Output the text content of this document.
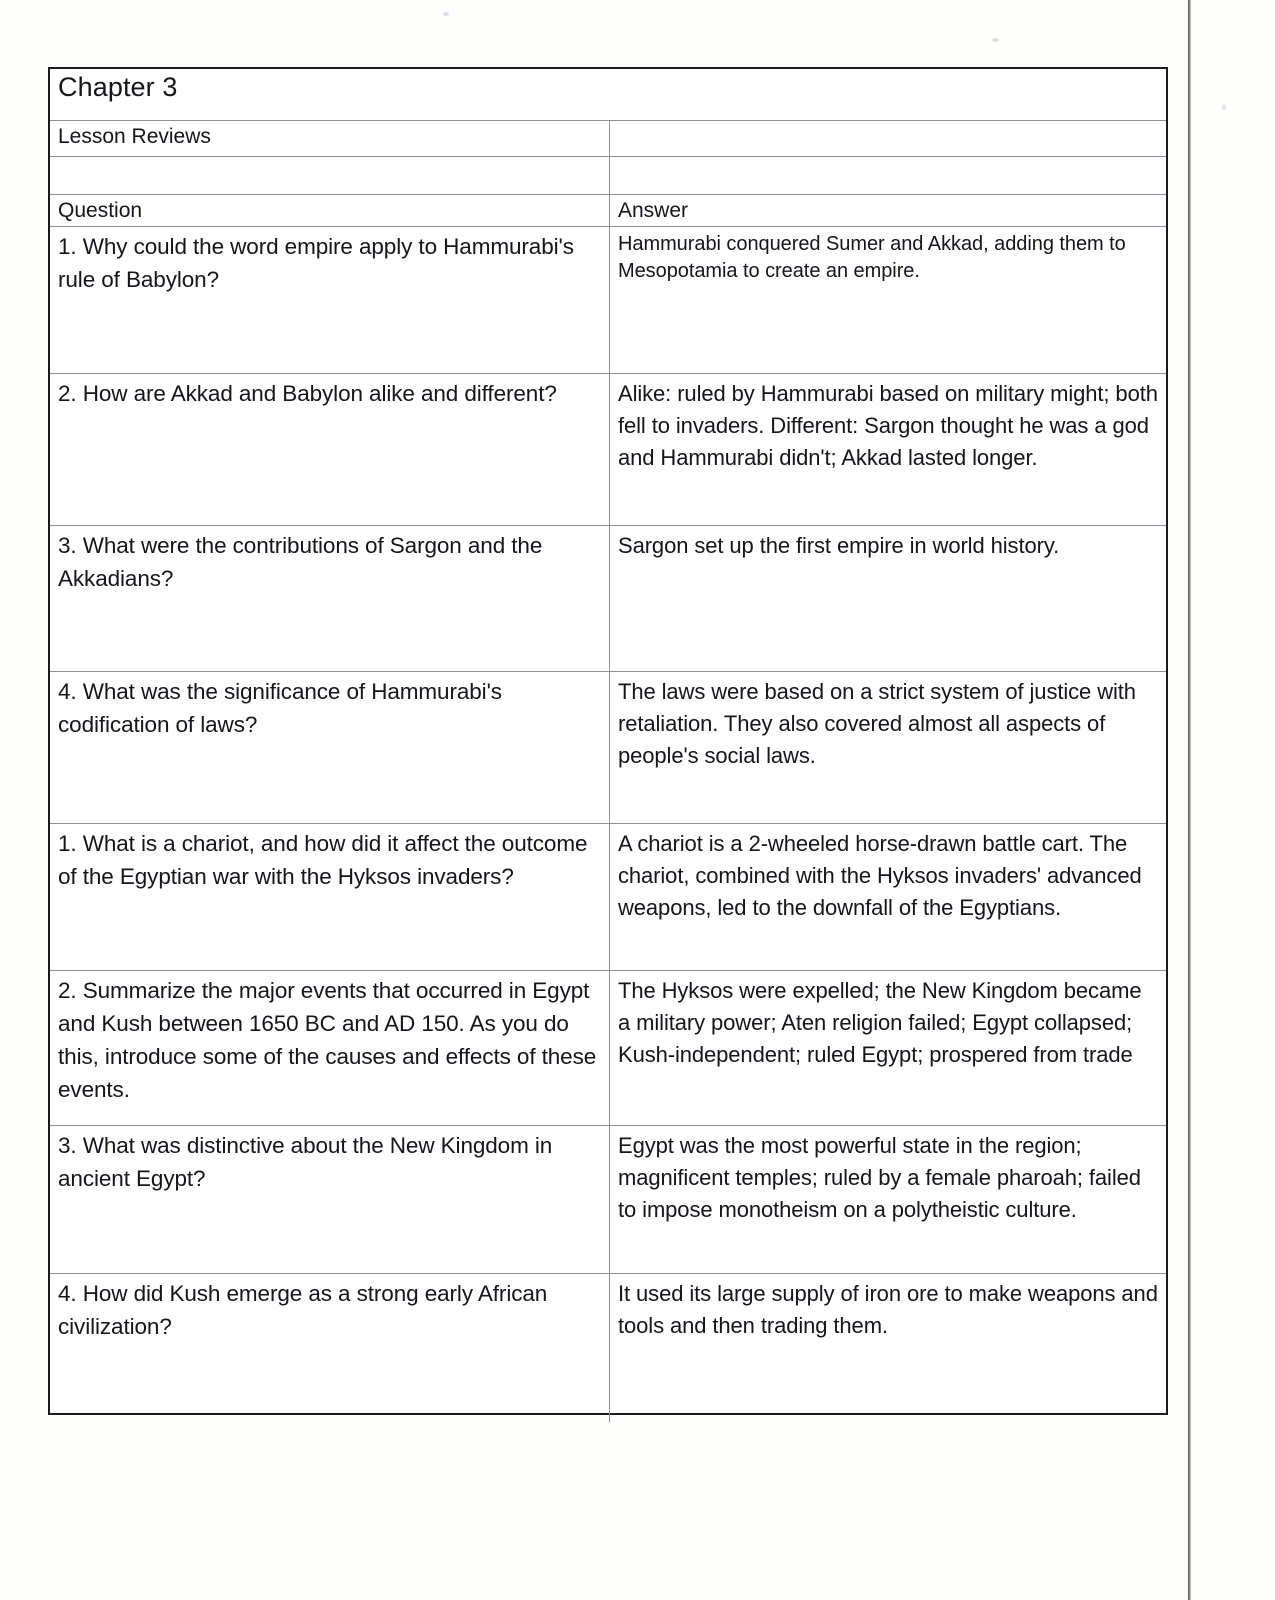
Chapter 3
Lesson Reviews
Question	Answer
1. Why could the word empire apply to Hammurabi's rule of Babylon?
Hammurabi conquered Sumer and Akkad, adding them to Mesopotamia to create an empire.
2. How are Akkad and Babylon alike and different?	Alike: ruled by Hammurabi based on military might; both fell to invaders. Different: Sargon thought he was a god and Hammurabi didn't; Akkad lasted longer.
3. What were the contributions of Sargon and the Akkadians?
Sargon set up the first empire in world history.
4. What was the significance of Hammurabi's codification of laws?
The laws were based on a strict system of justice with retaliation. They also covered almost all aspects of people's social laws.
1. What is a chariot, and how did it affect the outcome of the Egyptian war with the Hyksos invaders?
A chariot is a 2-wheeled horse-drawn battle cart. The chariot, combined with the Hyksos invaders' advanced weapons, led to the downfall of the Egyptians.
2. Summarize the major events that occurred in Egypt and Kush between 1650 BC and AD 150. As you do this, introduce some of the causes and effects of these events.
The Hyksos were expelled; the New Kingdom became a military power; Aten religion failed; Egypt collapsed; Kush-independent; ruled Egypt; prospered from trade
3. What was distinctive about the New Kingdom in ancient Egypt?
Egypt was the most powerful state in the region; magnificent temples; ruled by a female pharoah; failed to impose monotheism on a polytheistic culture.
4. How did Kush emerge as a strong early African civilization?
It used its large supply of iron ore to make weapons and tools and then trading them.
